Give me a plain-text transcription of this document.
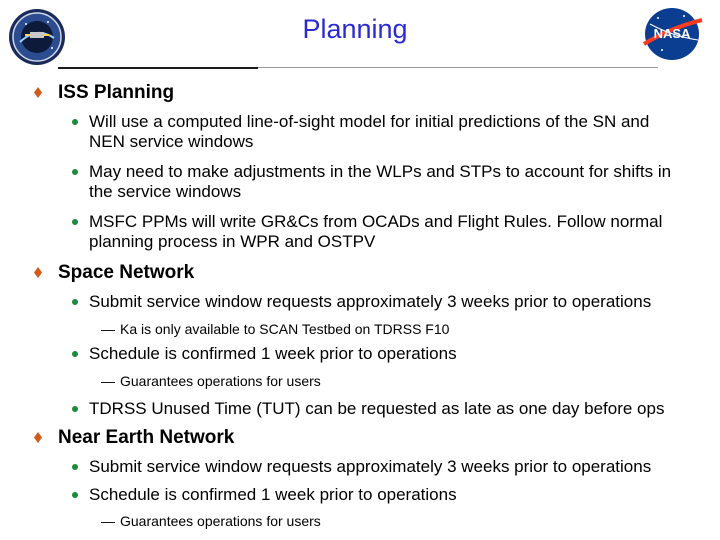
Planning	NASA
ISS Planning
Will use a computed line-of-sight model for initial predictions of the SN and
NEN service windows
May need to make adjustments in the WLPs and STPs to account for shifts in
the service windows
MSFC PPMs will write GR&Cs from OCADs and Flight Rules. Follow normal
planning process in WPR and OSTPV
Space Network
Submit service window requests approximately 3 weeks prior to operations
— Ka is only available to SCAN Testbed on TDRSS F10
Schedule is confirmed 1 week prior to operations
— Guarantees operations for users
TDRSS Unused Time (TUT) can be requested as late as one day before ops
Near Earth Network
Submit service window requests approximately 3 weeks prior to operations
Schedule is confirmed 1 week prior to operations
— Guarantees operations for users
